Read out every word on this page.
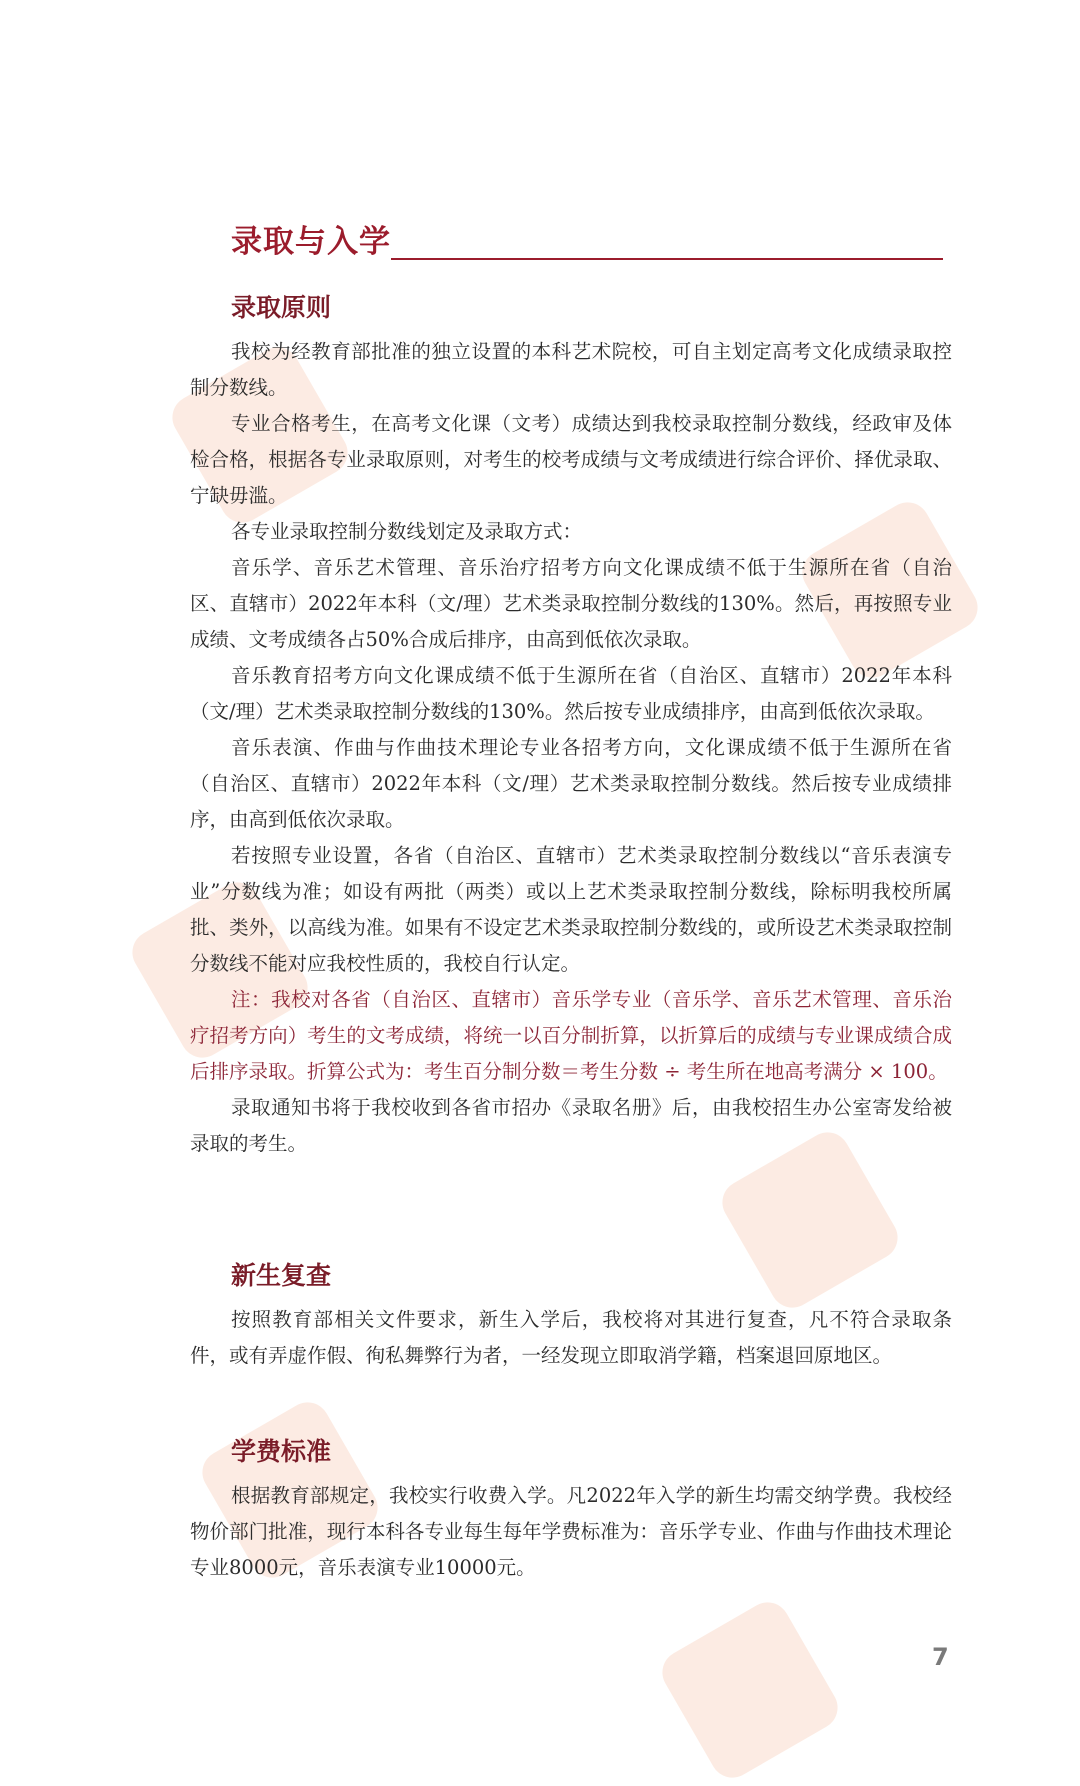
录取与入学
录取原则

我校为经教育部批准的独立设置的本科艺术院校，可自主划定高考文化成绩录取控制分数线。

专业合格考生，在高考文化课（文考）成绩达到我校录取控制分数线，经政审及体检合格，根据各专业录取原则，对考生的校考成绩与文考成绩进行综合评价、择优录取、宁缺毋滥。

各专业录取控制分数线划定及录取方式：

音乐学、音乐艺术管理、音乐治疗招考方向文化课成绩不低于生源所在省（自治区、直辖市）2022年本科（文/理）艺术类录取控制分数线的130%。然后，再按照专业成绩、文考成绩各占50%合成后排序，由高到低依次录取。

音乐教育招考方向文化课成绩不低于生源所在省（自治区、直辖市）2022年本科（文/理）艺术类录取控制分数线的130%。然后按专业成绩排序，由高到低依次录取。

音乐表演、作曲与作曲技术理论专业各招考方向，文化课成绩不低于生源所在省（自治区、直辖市）2022年本科（文/理）艺术类录取控制分数线。然后按专业成绩排序，由高到低依次录取。

若按照专业设置，各省（自治区、直辖市）艺术类录取控制分数线以“音乐表演专业”分数线为准；如设有两批（两类）或以上艺术类录取控制分数线，除标明我校所属批、类外，以高线为准。如果有不设定艺术类录取控制分数线的，或所设艺术类录取控制分数线不能对应我校性质的，我校自行认定。

注：我校对各省（自治区、直辖市）音乐学专业（音乐学、音乐艺术管理、音乐治疗招考方向）考生的文考成绩，将统一以百分制折算，以折算后的成绩与专业课成绩合成后排序录取。折算公式为：考生百分制分数＝考生分数 ÷ 考生所在地高考满分 × 100。

录取通知书将于我校收到各省市招办《录取名册》后，由我校招生办公室寄发给被录取的考生。

新生复查

按照教育部相关文件要求，新生入学后，我校将对其进行复查，凡不符合录取条件，或有弄虚作假、徇私舞弊行为者，一经发现立即取消学籍，档案退回原地区。

学费标准

根据教育部规定，我校实行收费入学。凡2022年入学的新生均需交纳学费。我校经物价部门批准，现行本科各专业每生每年学费标准为：音乐学专业、作曲与作曲技术理论专业8000元，音乐表演专业10000元。

7
